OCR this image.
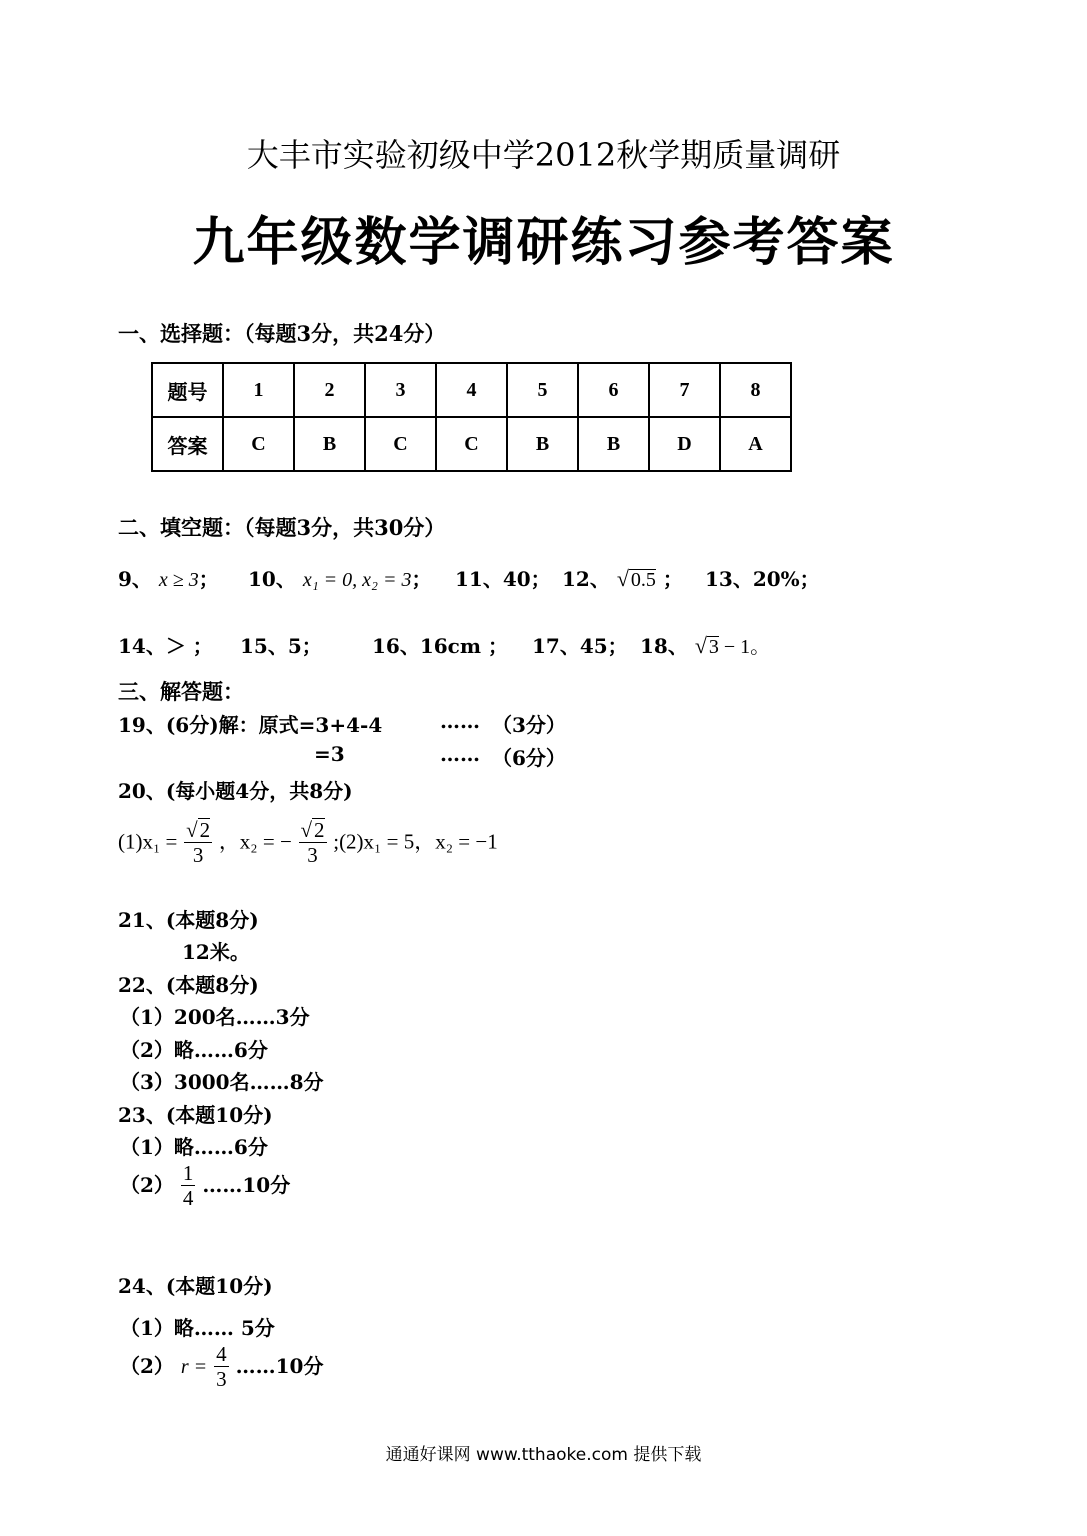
大丰市实验初级中学2012秋学期质量调研
九年级数学调研练习参考答案
一、选择题：（每题3分，共24分）
题号	1	2	3	4	5	6	7	8
答案	C	B	C	C	B	B	D	A
二、填空题：（每题3分，共30分）
9、 x ≥ 3； 10、 x₁ = 0, x₂ = 3； 11、40； 12、 √ 0.5 ； 13、20%；
14、＞ ； 15、5；	16、16cm ； 17、45； 18、 √ 3 − 1。
三、解答题：
19、(6分)解：原式=3+4-4	…… （3分）
=3	…… （6分）
20、(每小题4分，共8分)
$(1)x_1 = \frac{√2}{3}$ ，x₂ = − $\frac{√2}{3}$ ;(2)x₁ = 5，x₂ = −1
21、(本题8分)
12米。
22、(本题8分)
（1）200名……3分
（2）略……6分
（3）3000名……8分
23、(本题10分)
（1）略……6分
$(2) \frac{1}{4}$ ……10分
24、(本题10分)
（1）略…… 5分
（2） $r = \frac{4}{3}$ ……10分
通通好课网 www.tthaoke.com 提供下载
